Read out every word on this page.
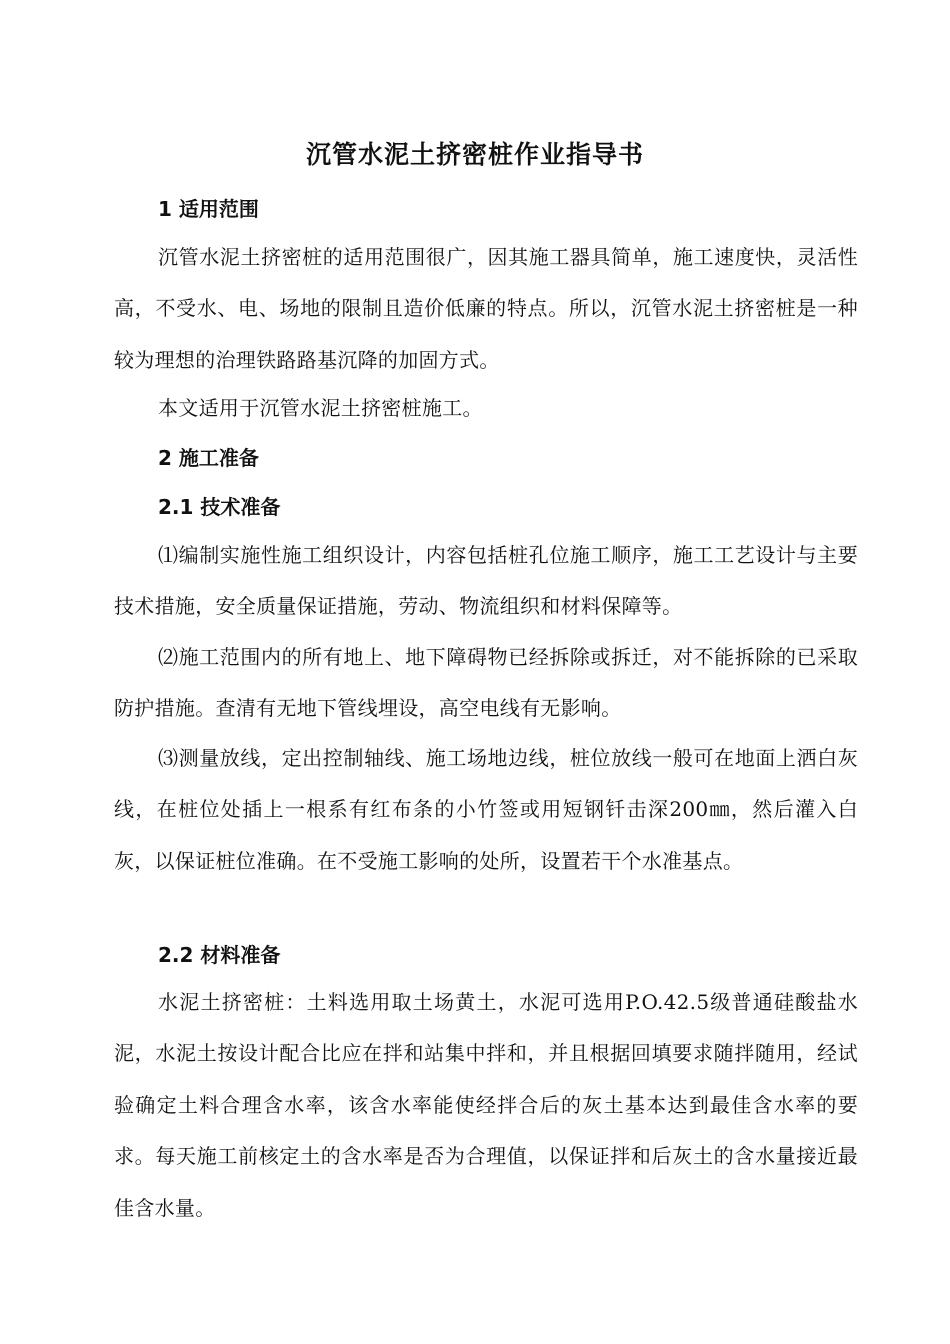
沉管水泥土挤密桩作业指导书
1 适用范围

沉管水泥土挤密桩的适用范围很广，因其施工器具简单，施工速度快，灵活性高，不受水、电、场地的限制且造价低廉的特点。所以，沉管水泥土挤密桩是一种较为理想的治理铁路路基沉降的加固方式。

本文适用于沉管水泥土挤密桩施工。

2 施工准备
2.1 技术准备

⑴编制实施性施工组织设计，内容包括桩孔位施工顺序，施工工艺设计与主要技术措施，安全质量保证措施，劳动、物流组织和材料保障等。

⑵施工范围内的所有地上、地下障碍物已经拆除或拆迁，对不能拆除的已采取防护措施。查清有无地下管线埋设，高空电线有无影响。

⑶测量放线，定出控制轴线、施工场地边线，桩位放线一般可在地面上洒白灰线，在桩位处插上一根系有红布条的小竹签或用短钢钎击深200㎜，然后灌入白灰，以保证桩位准确。在不受施工影响的处所，设置若干个水准基点。

2.2 材料准备

水泥土挤密桩：土料选用取土场黄土，水泥可选用P.O.42.5级普通硅酸盐水泥，水泥土按设计配合比应在拌和站集中拌和，并且根据回填要求随拌随用，经试验确定土料合理含水率，该含水率能使经拌合后的灰土基本达到最佳含水率的要求。每天施工前核定土的含水率是否为合理值，以保证拌和后灰土的含水量接近最佳含水量。
